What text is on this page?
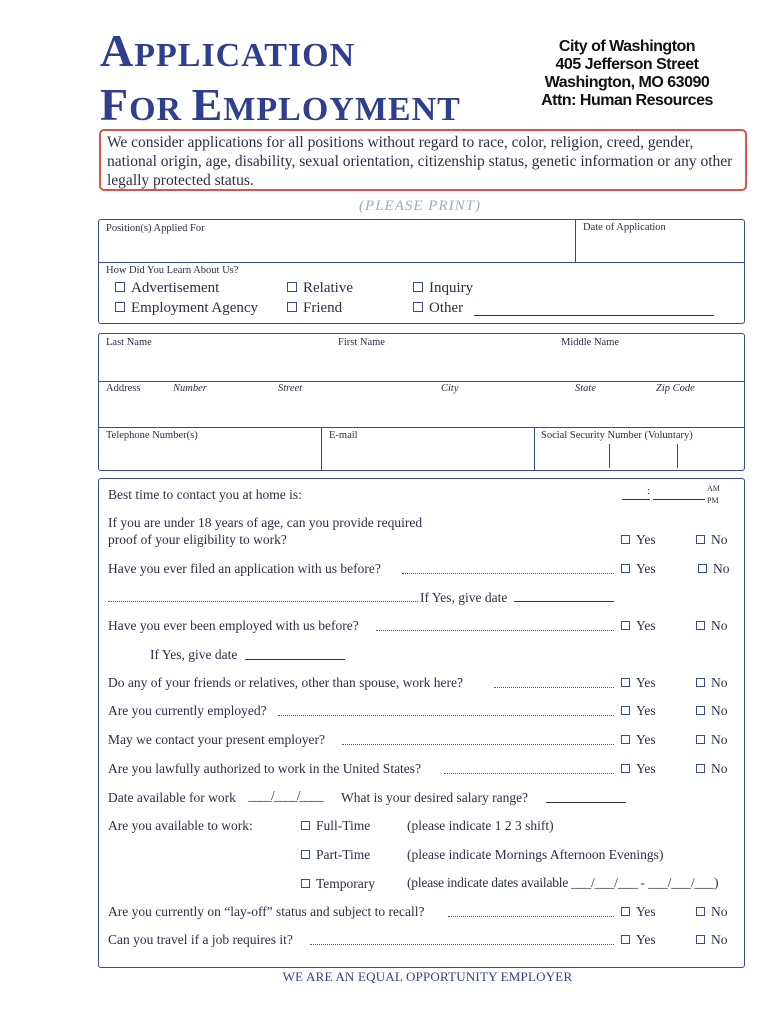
APPLICATION
FOR EMPLOYMENT
City of Washington
405 Jefferson Street
Washington, MO 63090
Attn: Human Resources
We consider applications for all positions without regard to race, color, religion, creed, gender, national origin, age, disability, sexual orientation, citizenship status, genetic information or any other legally protected status.
(PLEASE PRINT)
Position(s) Applied For	Date of Application
How Did You Learn About Us?
Advertisement
Employment Agency
Relative
Friend
Inquiry
Other
Last Name	First Name	Middle Name
Address	Number	Street	City	State	Zip Code
Telephone Number(s)	E-mail	Social Security Number (Voluntary)
Best time to contact you at home is:	:	AM
PM
If you are under 18 years of age, can you provide required
proof of your eligibility to work?	Yes	No
Have you ever filed an application with us before?	Yes	No
If Yes, give date
Have you ever been employed with us before?	Yes	No
If Yes, give date
Do any of your friends or relatives, other than spouse, work here?	Yes	No
Are you currently employed?	Yes	No
May we contact your present employer?	Yes	No
Are you lawfully authorized to work in the United States?	Yes	No
Date available for work ____/____/____ What is your desired salary range?
Are you available to work:	Full-Time	(please indicate 1 2 3 shift)
Part-Time	(please indicate Mornings Afternoon Evenings)
Temporary (please indicate dates available ___/___/___ - ___/___/___)
Are you currently on “lay-off” status and subject to recall?	Yes	No
Can you travel if a job requires it?	Yes	No
WE ARE AN EQUAL OPPORTUNITY EMPLOYER
